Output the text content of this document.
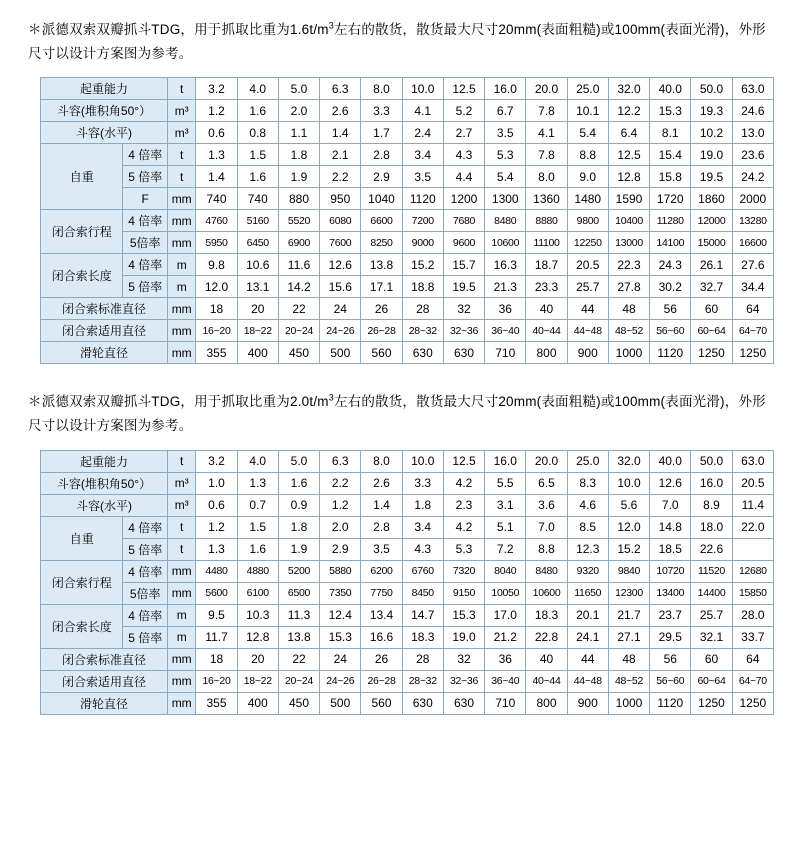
＊派德双索双瓣抓斗TDG，用于抓取比重为$1.6t/m^3$左右的散货，散货最大尺寸20mm(表面粗糙)或100mm(表面光滑)，外形尺寸以设计方案图为参考。

起重能力		t	3.2	4.0	5.0	6.3	8.0	10.0	12.5	16.0	20.0	25.0	32.0	40.0	50.0	63.0
斗容(堆积角50°）		m³	1.2	1.6	2.0	2.6	3.3	4.1	5.2	6.7	7.8	10.1	12.2	15.3	19.3	24.6
斗容(水平)		m³	0.6	0.8	1.1	1.4	1.7	2.4	2.7	3.5	4.1	5.4	6.4	8.1	10.2	13.0
自重	4 倍率	t	1.3	1.5	1.8	2.1	2.8	3.4	4.3	5.3	7.8	8.8	12.5	15.4	19.0	23.6
	5 倍率	t	1.4	1.6	1.9	2.2	2.9	3.5	4.4	5.4	8.0	9.0	12.8	15.8	19.5	24.2
	F	mm	740	740	880	950	1040	1120	1200	1300	1360	1480	1590	1720	1860	2000
闭合索行程	4 倍率	mm	4760	5160	5520	6080	6600	7200	7680	8480	8880	9800	10400	11280	12000	13280
	5倍率	mm	5950	6450	6900	7600	8250	9000	9600	10600	11100	12250	13000	14100	15000	16600
闭合索长度	4 倍率	m	9.8	10.6	11.6	12.6	13.8	15.2	15.7	16.3	18.7	20.5	22.3	24.3	26.1	27.6
	5 倍率	m	12.0	13.1	14.2	15.6	17.1	18.8	19.5	21.3	23.3	25.7	27.8	30.2	32.7	34.4
闭合索标准直径		mm	18	20	22	24	26	28	32	36	40	44	48	56	60	64
闭合索适用直径		mm	16~20	18~22	20~24	24~26	26~28	28~32	32~36	36~40	40~44	44~48	48~52	56~60	60~64	64~70
滑轮直径		mm	355	400	450	500	560	630	630	710	800	900	1000	1120	1250	1250

＊派德双索双瓣抓斗TDG，用于抓取比重为$2.0t/m^3$左右的散货，散货最大尺寸20mm(表面粗糙)或100mm(表面光滑)，外形尺寸以设计方案图为参考。

起重能力		t	3.2	4.0	5.0	6.3	8.0	10.0	12.5	16.0	20.0	25.0	32.0	40.0	50.0	63.0
斗容(堆积角50°）		m³	1.0	1.3	1.6	2.2	2.6	3.3	4.2	5.5	6.5	8.3	10.0	12.6	16.0	20.5
斗容(水平)		m³	0.6	0.7	0.9	1.2	1.4	1.8	2.3	3.1	3.6	4.6	5.6	7.0	8.9	11.4
自重	4 倍率	t	1.2	1.5	1.8	2.0	2.8	3.4	4.2	5.1	7.0	8.5	12.0	14.8	18.0	22.0
	5 倍率	t	1.3	1.6	1.9	2.9	3.5	4.3	5.3	7.2	8.8	12.3	15.2	18.5	22.6	
闭合索行程	4 倍率	mm	4480	4880	5200	5880	6200	6760	7320	8040	8480	9320	9840	10720	11520	12680
	5倍率	mm	5600	6100	6500	7350	7750	8450	9150	10050	10600	11650	12300	13400	14400	15850
闭合索长度	4 倍率	m	9.5	10.3	11.3	12.4	13.4	14.7	15.3	17.0	18.3	20.1	21.7	23.7	25.7	28.0
	5 倍率	m	11.7	12.8	13.8	15.3	16.6	18.3	19.0	21.2	22.8	24.1	27.1	29.5	32.1	33.7
闭合索标准直径		mm	18	20	22	24	26	28	32	36	40	44	48	56	60	64
闭合索适用直径		mm	16~20	18~22	20~24	24~26	26~28	28~32	32~36	36~40	40~44	44~48	48~52	56~60	60~64	64~70
滑轮直径		mm	355	400	450	500	560	630	630	710	800	900	1000	1120	1250	1250
